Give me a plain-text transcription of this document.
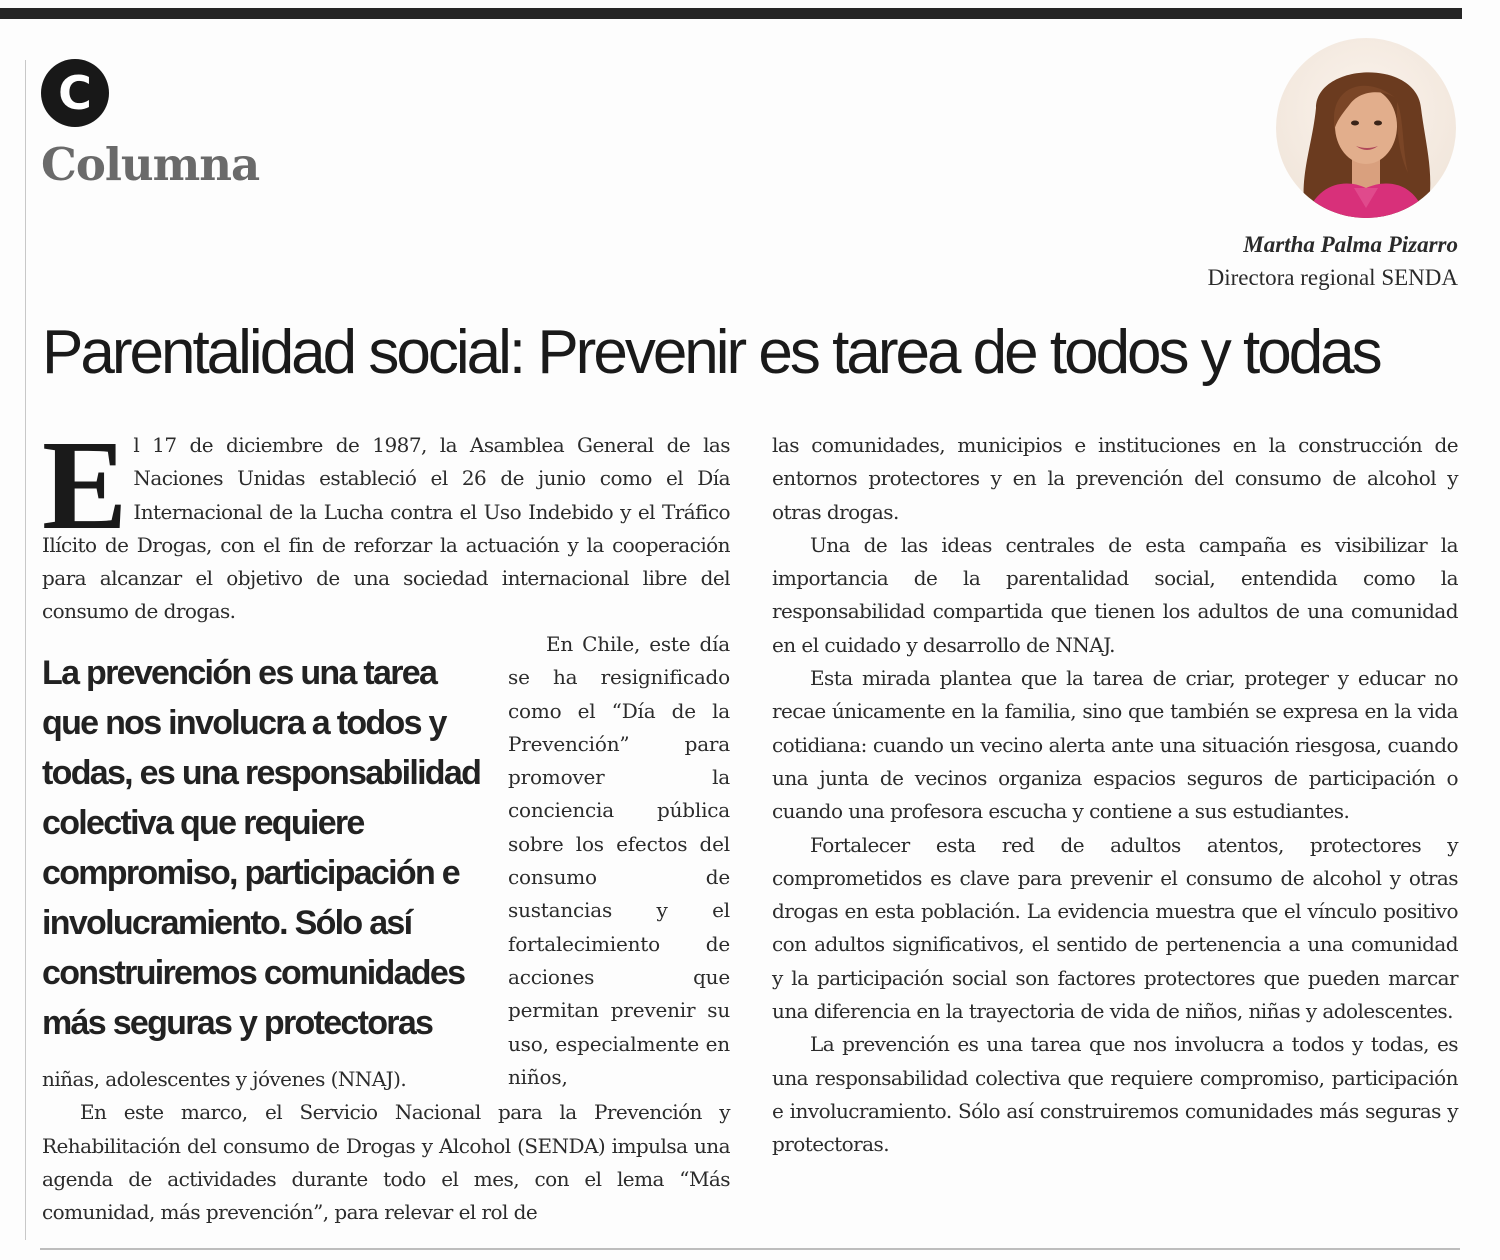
C
Columna

Martha Palma Pizarro

Directora regional SENDA

Parentalidad social: Prevenir es tarea de todos y todas
E l 17 de diciembre de 1987, la Asamblea General de las Naciones Unidas estableció el 26 de junio como el Día Internacional de la Lucha contra el Uso Indebido y el Tráfico Ilícito de Drogas, con el fin de reforzar la actuación y la cooperación para alcanzar el objetivo de una sociedad internacional libre del consumo de drogas.

La prevención es una tarea que nos involucra a todos y todas, es una responsabilidad colectiva que requiere compromiso, participación e involucramiento. Sólo así construiremos comunidades más seguras y protectoras

En Chile, este día se ha resignificado como el “Día de la Prevención” para promover la conciencia pública sobre los efectos del consumo de sustancias y el fortalecimiento de acciones que permitan prevenir su uso, especialmente en niños,

niñas, adolescentes y jóvenes (NNAJ).

En este marco, el Servicio Nacional para la Prevención y Rehabilitación del consumo de Drogas y Alcohol (SENDA) impulsa una agenda de actividades durante todo el mes, con el lema “Más comunidad, más prevención”, para relevar el rol de

las comunidades, municipios e instituciones en la construcción de entornos protectores y en la prevención del consumo de alcohol y otras drogas.

Una de las ideas centrales de esta campaña es visibilizar la importancia de la parentalidad social, entendida como la responsabilidad compartida que tienen los adultos de una comunidad en el cuidado y desarrollo de NNAJ.

Esta mirada plantea que la tarea de criar, proteger y educar no recae únicamente en la familia, sino que también se expresa en la vida cotidiana: cuando un vecino alerta ante una situación riesgosa, cuando una junta de vecinos organiza espacios seguros de participación o cuando una profesora escucha y contiene a sus estudiantes.

Fortalecer esta red de adultos atentos, protectores y comprometidos es clave para prevenir el consumo de alcohol y otras drogas en esta población. La evidencia muestra que el vínculo positivo con adultos significativos, el sentido de pertenencia a una comunidad y la participación social son factores protectores que pueden marcar una diferencia en la trayectoria de vida de niños, niñas y adolescentes.

La prevención es una tarea que nos involucra a todos y todas, es una responsabilidad colectiva que requiere compromiso, participación e involucramiento. Sólo así construiremos comunidades más seguras y protectoras.
